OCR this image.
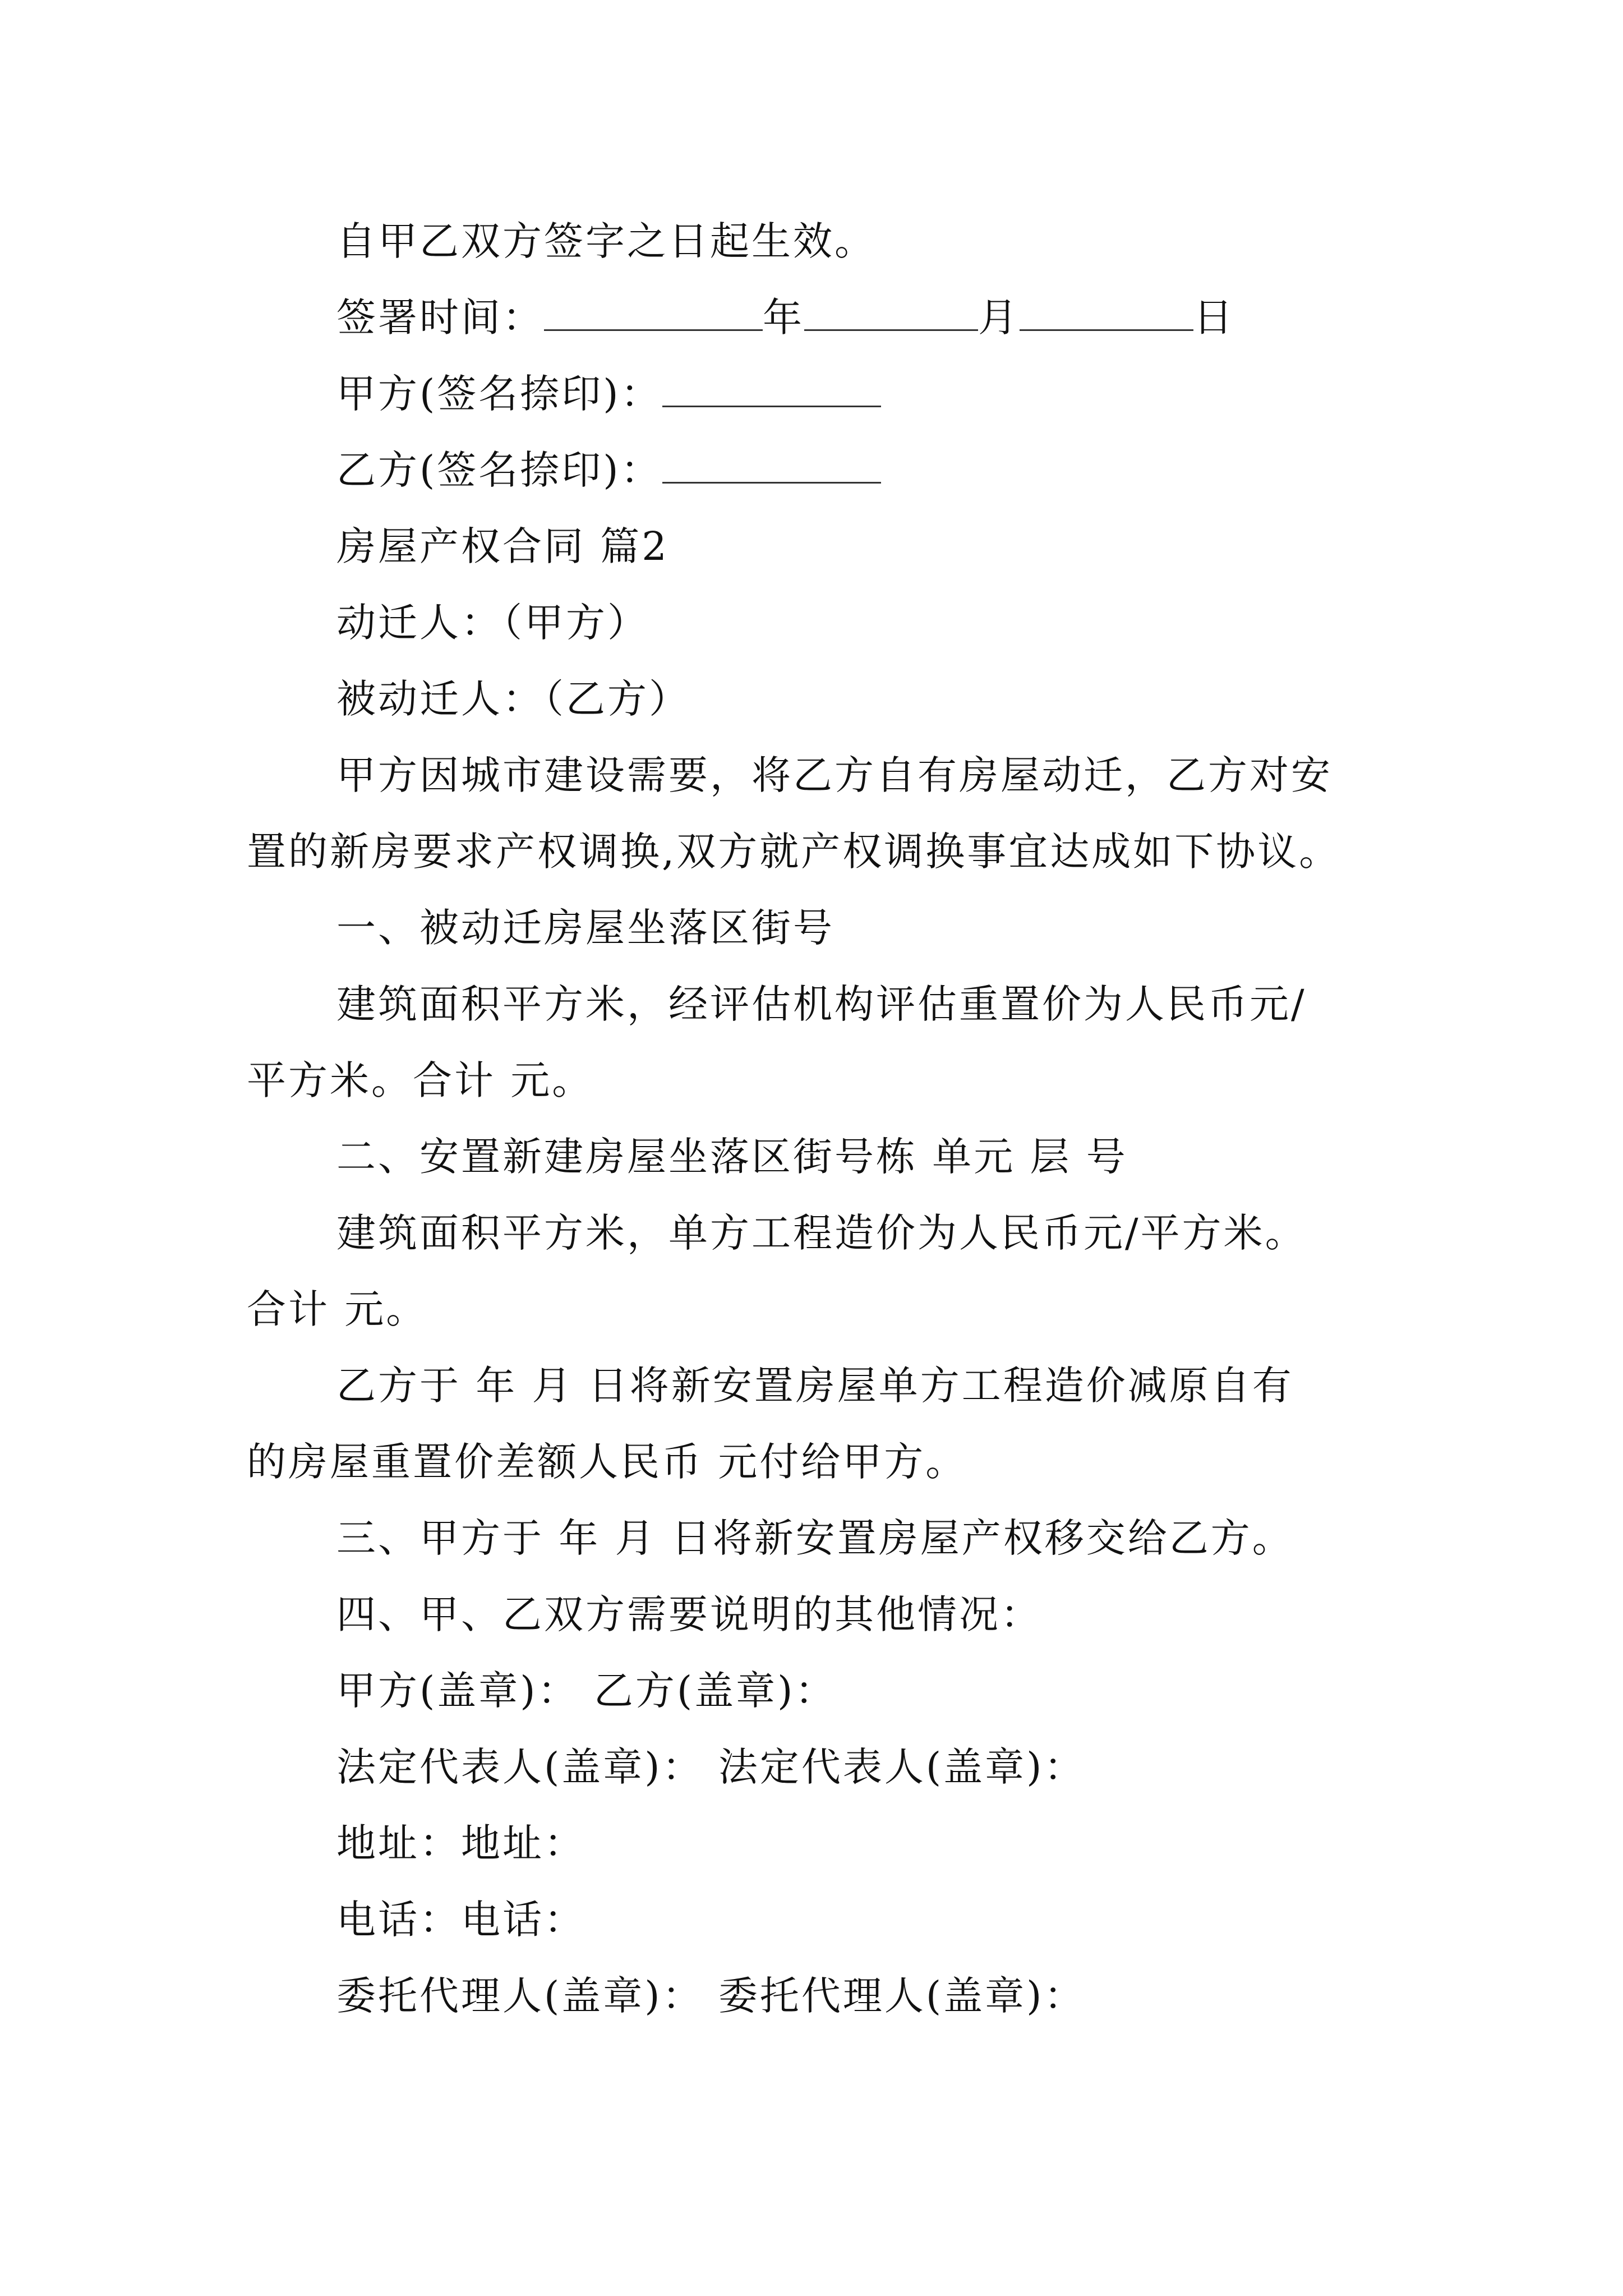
自甲乙双方签字之日起生效。
签署时间：	年	月	日
甲方(签名捺印)：
乙方(签名捺印)：
房屋产权合同 篇2
动迁人：（甲方）
被动迁人：（乙方）
甲方因城市建设需要，将乙方自有房屋动迁，乙方对安
置的新房要求产权调换,双方就产权调换事宜达成如下协议。
一、被动迁房屋坐落区街号
建筑面积平方米，经评估机构评估重置价为人民币元/
平方米。合计 元。
二、安置新建房屋坐落区街号栋 单元 层 号
建筑面积平方米，单方工程造价为人民币元/平方米。
合计 元。
乙方于 年 月 日将新安置房屋单方工程造价减原自有
的房屋重置价差额人民币 元付给甲方。
三、甲方于 年 月 日将新安置房屋产权移交给乙方。
四、甲、乙双方需要说明的其他情况：
甲方(盖章)： 乙方(盖章)：
法定代表人(盖章)： 法定代表人(盖章)：
地址：地址：
电话：电话：
委托代理人(盖章)： 委托代理人(盖章)：
